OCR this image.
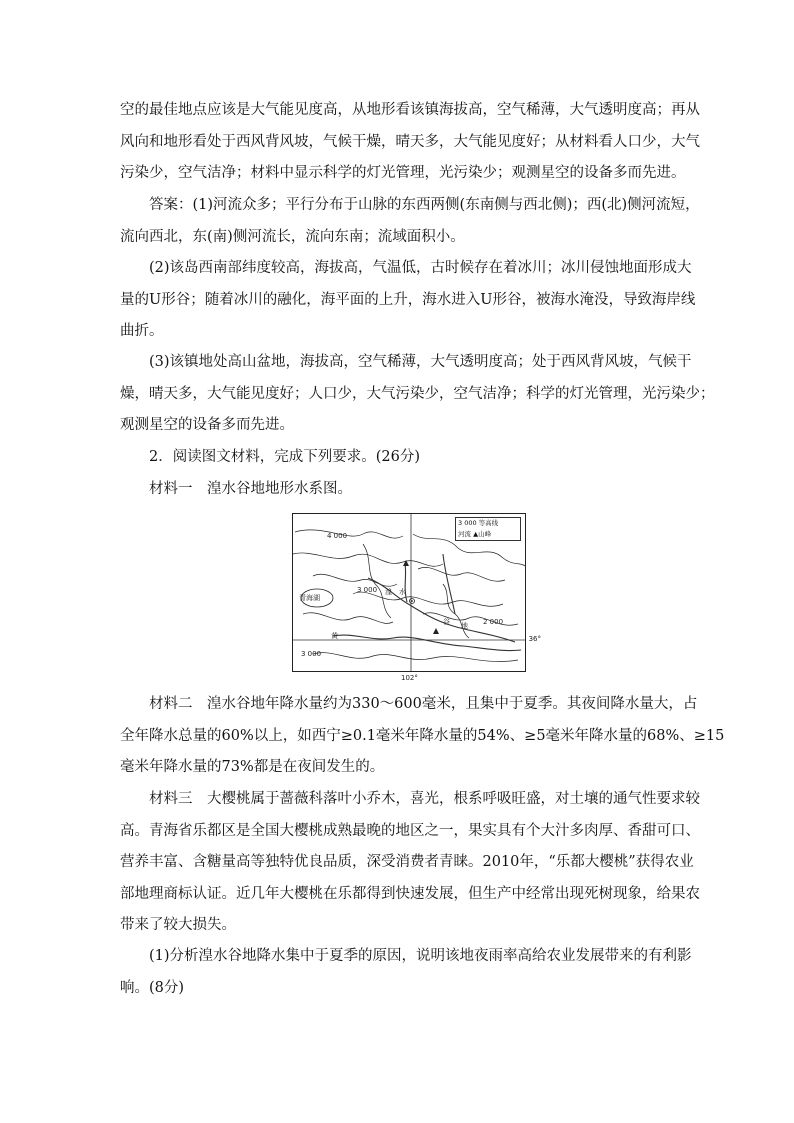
空的最佳地点应该是大气能见度高，从地形看该镇海拔高，空气稀薄，大气透明度高；再从
风向和地形看处于西风背风坡，气候干燥，晴天多，大气能见度好；从材料看人口少，大气
污染少，空气洁净；材料中显示科学的灯光管理，光污染少；观测星空的设备多而先进。
答案：(1)河流众多；平行分布于山脉的东西两侧(东南侧与西北侧)；西(北)侧河流短，
流向西北，东(南)侧河流长，流向东南；流域面积小。
(2)该岛西南部纬度较高，海拔高，气温低，古时候存在着冰川；冰川侵蚀地面形成大
量的U形谷；随着冰川的融化，海平面的上升，海水进入U形谷，被海水淹没，导致海岸线
曲折。
(3)该镇地处高山盆地，海拔高，空气稀薄，大气透明度高；处于西风背风坡，气候干
燥，晴天多，大气能见度好；人口少，大气污染少，空气洁净；科学的灯光管理，光污染少；
观测星空的设备多而先进。
2．阅读图文材料，完成下列要求。(26分)
材料一　湟水谷地地形水系图。
4 000
青海湖
3 000 湟 水
谷 地
黄
2 000
3 000
3 000 等高线
河流 ▲山峰
36°
102°
材料二　湟水谷地年降水量约为330～600毫米，且集中于夏季。其夜间降水量大，占
全年降水总量的60%以上，如西宁≥0.1毫米年降水量的54%、≥5毫米年降水量的68%、≥15
毫米年降水量的73%都是在夜间发生的。
材料三　大樱桃属于蔷薇科落叶小乔木，喜光，根系呼吸旺盛，对土壤的通气性要求较
高。青海省乐都区是全国大樱桃成熟最晚的地区之一，果实具有个大汁多肉厚、香甜可口、
营养丰富、含糖量高等独特优良品质，深受消费者青睐。2010年，“乐都大樱桃”获得农业
部地理商标认证。近几年大樱桃在乐都得到快速发展，但生产中经常出现死树现象，给果农
带来了较大损失。
(1)分析湟水谷地降水集中于夏季的原因，说明该地夜雨率高给农业发展带来的有利影
响。(8分)
